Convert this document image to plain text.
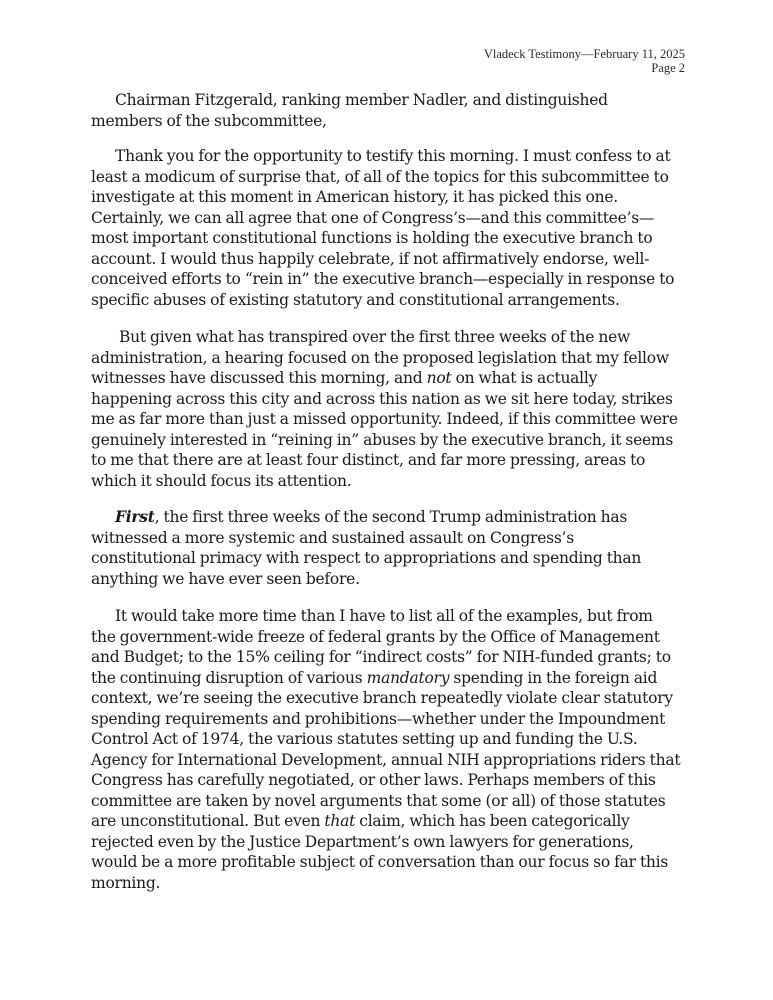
Vladeck Testimony—February 11, 2025
Page 2

Chairman Fitzgerald, ranking member Nadler, and distinguished members of the subcommittee,

Thank you for the opportunity to testify this morning. I must confess to at least a modicum of surprise that, of all of the topics for this subcommittee to investigate at this moment in American history, it has picked this one. Certainly, we can all agree that one of Congress’s—and this committee’s—most important constitutional functions is holding the executive branch to account. I would thus happily celebrate, if not affirmatively endorse, well-conceived efforts to “rein in” the executive branch—especially in response to specific abuses of existing statutory and constitutional arrangements.

But given what has transpired over the first three weeks of the new administration, a hearing focused on the proposed legislation that my fellow witnesses have discussed this morning, and not on what is actually happening across this city and across this nation as we sit here today, strikes me as far more than just a missed opportunity. Indeed, if this committee were genuinely interested in “reining in” abuses by the executive branch, it seems to me that there are at least four distinct, and far more pressing, areas to which it should focus its attention.

First, the first three weeks of the second Trump administration has witnessed a more systemic and sustained assault on Congress’s constitutional primacy with respect to appropriations and spending than anything we have ever seen before.

It would take more time than I have to list all of the examples, but from the government-wide freeze of federal grants by the Office of Management and Budget; to the 15% ceiling for “indirect costs” for NIH-funded grants; to the continuing disruption of various mandatory spending in the foreign aid context, we’re seeing the executive branch repeatedly violate clear statutory spending requirements and prohibitions—whether under the Impoundment Control Act of 1974, the various statutes setting up and funding the U.S. Agency for International Development, annual NIH appropriations riders that Congress has carefully negotiated, or other laws. Perhaps members of this committee are taken by novel arguments that some (or all) of those statutes are unconstitutional. But even that claim, which has been categorically rejected even by the Justice Department’s own lawyers for generations, would be a more profitable subject of conversation than our focus so far this morning.
